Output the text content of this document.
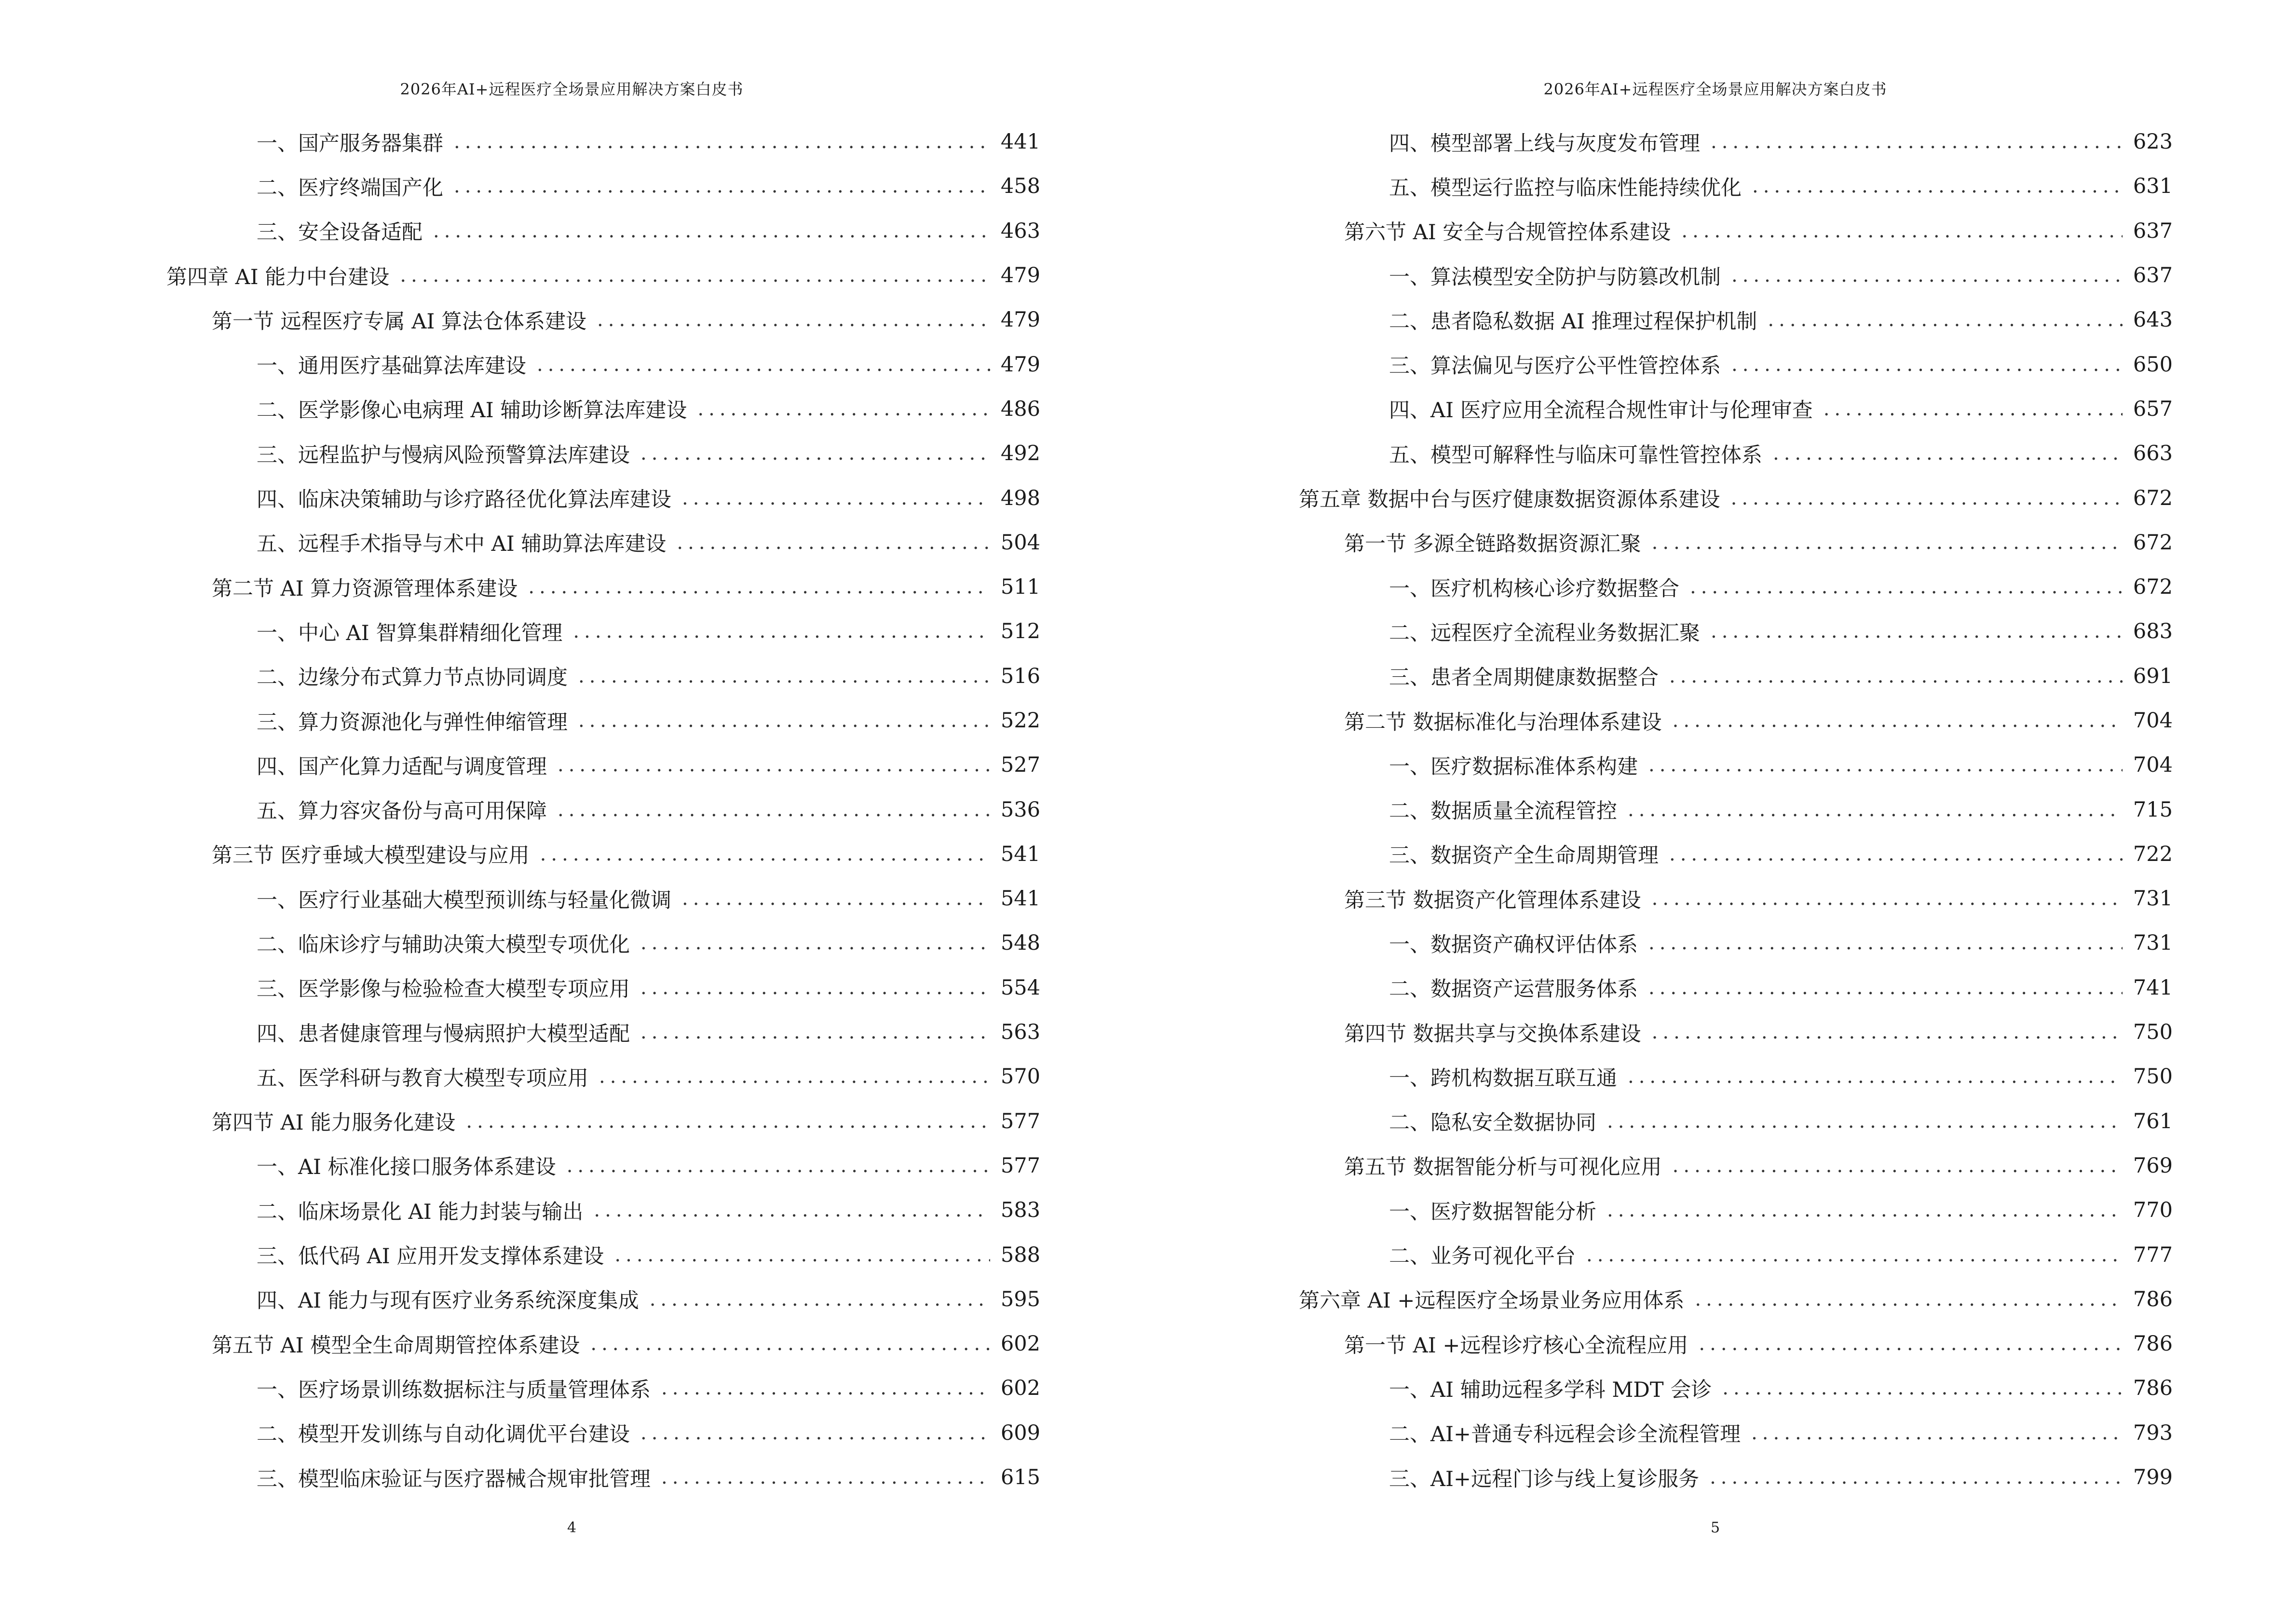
2026年AI+远程医疗全场景应用解决方案白皮书
一、国产服务器集群 .....	441
二、医疗终端国产化 .....	458
三、安全设备适配 .....	463
第四章 AI 能力中台建设 .....	479
第一节 远程医疗专属 AI 算法仓体系建设 .....	479
一、通用医疗基础算法库建设 .....	479
二、医学影像心电病理 AI 辅助诊断算法库建设 .....	486
三、远程监护与慢病风险预警算法库建设 .....	492
四、临床决策辅助与诊疗路径优化算法库建设 .....	498
五、远程手术指导与术中 AI 辅助算法库建设 .....	504
第二节 AI 算力资源管理体系建设 .....	511
一、中心 AI 智算集群精细化管理 .....	512
二、边缘分布式算力节点协同调度 .....	516
三、算力资源池化与弹性伸缩管理 .....	522
四、国产化算力适配与调度管理 .....	527
五、算力容灾备份与高可用保障 .....	536
第三节 医疗垂域大模型建设与应用 .....	541
一、医疗行业基础大模型预训练与轻量化微调 .....	541
二、临床诊疗与辅助决策大模型专项优化 .....	548
三、医学影像与检验检查大模型专项应用 .....	554
四、患者健康管理与慢病照护大模型适配 .....	563
五、医学科研与教育大模型专项应用 .....	570
第四节 AI 能力服务化建设 .....	577
一、AI 标准化接口服务体系建设 .....	577
二、临床场景化 AI 能力封装与输出 .....	583
三、低代码 AI 应用开发支撑体系建设 .....	588
四、AI 能力与现有医疗业务系统深度集成 .....	595
第五节 AI 模型全生命周期管控体系建设 .....	602
一、医疗场景训练数据标注与质量管理体系 .....	602
二、模型开发训练与自动化调优平台建设 .....	609
三、模型临床验证与医疗器械合规审批管理 .....	615
4
2026年AI+远程医疗全场景应用解决方案白皮书
四、模型部署上线与灰度发布管理 .....	623
五、模型运行监控与临床性能持续优化 .....	631
第六节 AI 安全与合规管控体系建设 .....	637
一、算法模型安全防护与防篡改机制 .....	637
二、患者隐私数据 AI 推理过程保护机制 .....	643
三、算法偏见与医疗公平性管控体系 .....	650
四、AI 医疗应用全流程合规性审计与伦理审查 .....	657
五、模型可解释性与临床可靠性管控体系 .....	663
第五章 数据中台与医疗健康数据资源体系建设 .....	672
第一节 多源全链路数据资源汇聚 .....	672
一、医疗机构核心诊疗数据整合 .....	672
二、远程医疗全流程业务数据汇聚 .....	683
三、患者全周期健康数据整合 .....	691
第二节 数据标准化与治理体系建设 .....	704
一、医疗数据标准体系构建 .....	704
二、数据质量全流程管控 .....	715
三、数据资产全生命周期管理 .....	722
第三节 数据资产化管理体系建设 .....	731
一、数据资产确权评估体系 .....	731
二、数据资产运营服务体系 .....	741
第四节 数据共享与交换体系建设 .....	750
一、跨机构数据互联互通 .....	750
二、隐私安全数据协同 .....	761
第五节 数据智能分析与可视化应用 .....	769
一、医疗数据智能分析 .....	770
二、业务可视化平台 .....	777
第六章 AI +远程医疗全场景业务应用体系 .....	786
第一节 AI +远程诊疗核心全流程应用 .....	786
一、AI 辅助远程多学科 MDT 会诊 .....	786
二、AI+普通专科远程会诊全流程管理 .....	793
三、AI+远程门诊与线上复诊服务 .....	799
5
